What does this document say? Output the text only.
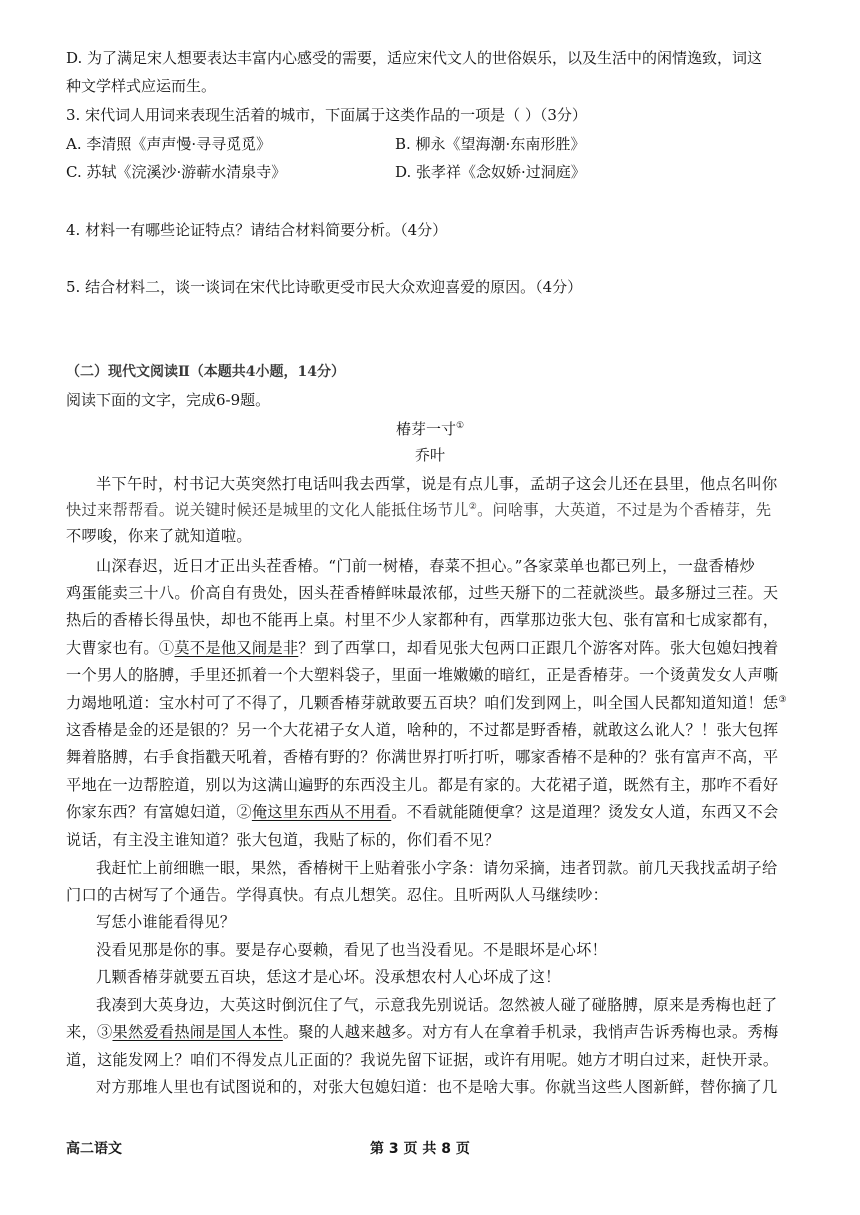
D. 为了满足宋人想要表达丰富内心感受的需要，适应宋代文人的世俗娱乐，以及生活中的闲情逸致，词这
种文学样式应运而生。
3. 宋代词人用词来表现生活着的城市，下面属于这类作品的一项是（ ）（3分）
A. 李清照《声声慢·寻寻觅觅》	B. 柳永《望海潮·东南形胜》
C. 苏轼《浣溪沙·游蕲水清泉寺》	D. 张孝祥《念奴娇·过洞庭》
4. 材料一有哪些论证特点？请结合材料简要分析。（4分）
5. 结合材料二，谈一谈词在宋代比诗歌更受市民大众欢迎喜爱的原因。（4分）
（二）现代文阅读Ⅱ（本题共4小题，14分）
阅读下面的文字，完成6-9题。
椿芽一寸①
乔叶
半下午时，村书记大英突然打电话叫我去西掌，说是有点儿事，孟胡子这会儿还在县里，他点名叫你
快过来帮帮看。说关键时候还是城里的文化人能抵住场节儿②。问啥事，大英道，不过是为个香椿芽，先
不啰唆，你来了就知道啦。
山深春迟，近日才正出头茬香椿。“门前一树椿，春菜不担心。”各家菜单也都已列上，一盘香椿炒
鸡蛋能卖三十八。价高自有贵处，因头茬香椿鲜味最浓郁，过些天掰下的二茬就淡些。最多掰过三茬。天
热后的香椿长得虽快，却也不能再上桌。村里不少人家都种有，西掌那边张大包、张有富和七成家都有，
大曹家也有。①莫不是他又闹是非？到了西掌口，却看见张大包两口正跟几个游客对阵。张大包媳妇拽着
一个男人的胳膊，手里还抓着一个大塑料袋子，里面一堆嫩嫩的暗红，正是香椿芽。一个烫黄发女人声嘶
力竭地吼道：宝水村可了不得了，几颗香椿芽就敢要五百块？咱们发到网上，叫全国人民都知道知道！恁③
这香椿是金的还是银的？另一个大花裙子女人道，啥种的，不过都是野香椿，就敢这么讹人？！张大包挥
舞着胳膊，右手食指戳天吼着，香椿有野的？你满世界打听打听，哪家香椿不是种的？张有富声不高，平
平地在一边帮腔道，别以为这满山遍野的东西没主儿。都是有家的。大花裙子道，既然有主，那咋不看好
你家东西？有富媳妇道，②俺这里东西从不用看。不看就能随便拿？这是道理？烫发女人道，东西又不会
说话，有主没主谁知道？张大包道，我贴了标的，你们看不见？
我赶忙上前细瞧一眼，果然，香椿树干上贴着张小字条：请勿采摘，违者罚款。前几天我找孟胡子给
门口的古树写了个通告。学得真快。有点儿想笑。忍住。且听两队人马继续吵：
写恁小谁能看得见？
没看见那是你的事。要是存心耍赖，看见了也当没看见。不是眼坏是心坏！
几颗香椿芽就要五百块，恁这才是心坏。没承想农村人心坏成了这！
我凑到大英身边，大英这时倒沉住了气，示意我先别说话。忽然被人碰了碰胳膊，原来是秀梅也赶了
来，③果然爱看热闹是国人本性。聚的人越来越多。对方有人在拿着手机录，我悄声告诉秀梅也录。秀梅
道，这能发网上？咱们不得发点儿正面的？我说先留下证据，或许有用呢。她方才明白过来，赶快开录。
对方那堆人里也有试图说和的，对张大包媳妇道：也不是啥大事。你就当这些人图新鲜，替你摘了几
高二语文	第 3 页 共 8 页
